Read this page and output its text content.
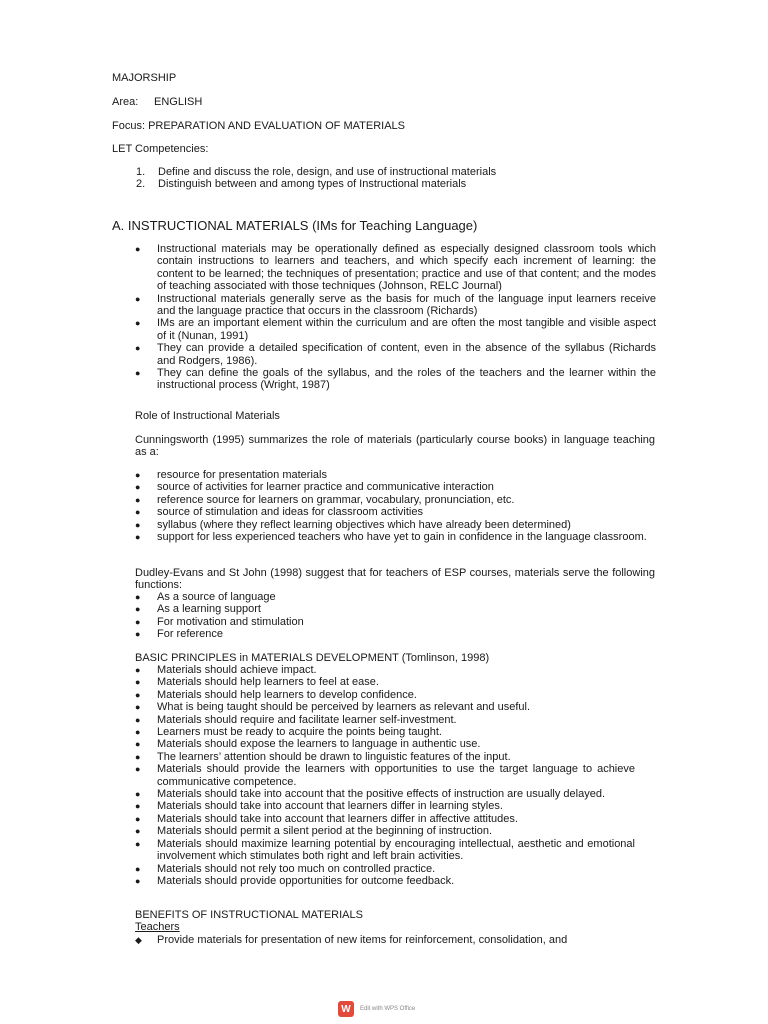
MAJORSHIP
Area: ENGLISH
Focus: PREPARATION AND EVALUATION OF MATERIALS
LET Competencies:
1. Define and discuss the role, design, and use of instructional materials
2. Distinguish between and among types of Instructional materials
A. INSTRUCTIONAL MATERIALS (IMs for Teaching Language)
● Instructional materials may be operationally defined as especially designed classroom tools which contain instructions to learners and teachers, and which specify each increment of learning: the content to be learned; the techniques of presentation; practice and use of that content; and the modes of teaching associated with those techniques (Johnson, RELC Journal)
● Instructional materials generally serve as the basis for much of the language input learners receive and the language practice that occurs in the classroom (Richards)
● IMs are an important element within the curriculum and are often the most tangible and visible aspect of it (Nunan, 1991)
● They can provide a detailed specification of content, even in the absence of the syllabus (Richards and Rodgers, 1986).
● They can define the goals of the syllabus, and the roles of the teachers and the learner within the instructional process (Wright, 1987)
Role of Instructional Materials
Cunningsworth (1995) summarizes the role of materials (particularly course books) in language teaching as a:
● resource for presentation materials
● source of activities for learner practice and communicative interaction
● reference source for learners on grammar, vocabulary, pronunciation, etc.
● source of stimulation and ideas for classroom activities
● syllabus (where they reflect learning objectives which have already been determined)
● support for less experienced teachers who have yet to gain in confidence in the language classroom.
Dudley-Evans and St John (1998) suggest that for teachers of ESP courses, materials serve the following functions:
● As a source of language
● As a learning support
● For motivation and stimulation
● For reference
BASIC PRINCIPLES in MATERIALS DEVELOPMENT (Tomlinson, 1998)
● Materials should achieve impact.
● Materials should help learners to feel at ease.
● Materials should help learners to develop confidence.
● What is being taught should be perceived by learners as relevant and useful.
● Materials should require and facilitate learner self-investment.
● Learners must be ready to acquire the points being taught.
● Materials should expose the learners to language in authentic use.
● The learners’ attention should be drawn to linguistic features of the input.
● Materials should provide the learners with opportunities to use the target language to achieve communicative competence.
● Materials should take into account that the positive effects of instruction are usually delayed.
● Materials should take into account that learners differ in learning styles.
● Materials should take into account that learners differ in affective attitudes.
● Materials should permit a silent period at the beginning of instruction.
● Materials should maximize learning potential by encouraging intellectual, aesthetic and emotional involvement which stimulates both right and left brain activities.
● Materials should not rely too much on controlled practice.
● Materials should provide opportunities for outcome feedback.
BENEFITS OF INSTRUCTIONAL MATERIALS
Teachers
◆ Provide materials for presentation of new items for reinforcement, consolidation, and
W	Edit with WPS Office
